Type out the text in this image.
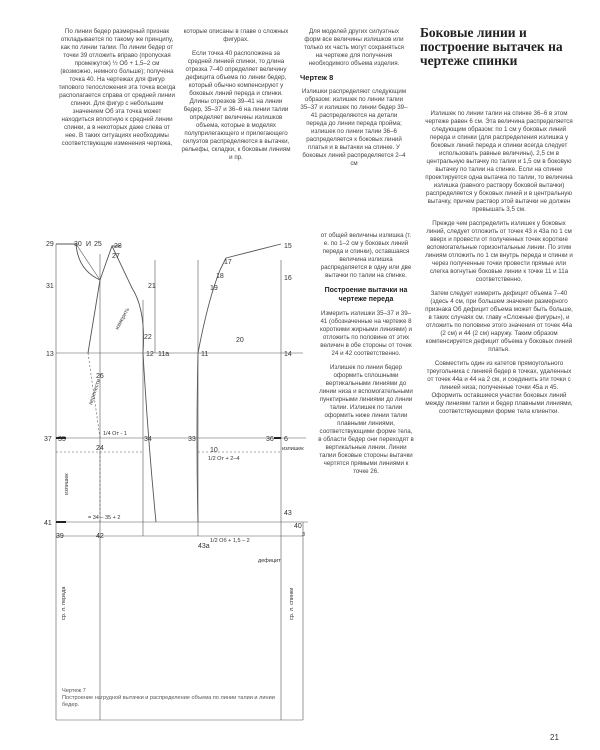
По линии бедер размерный признак откладывается по такому же принципу, как по линии талии. По линии бедер от точки 39 отложить вправо (пропуская промежуток) ½ Об + 1,5–2 см (возможно, немного больше); получена точка 40. На чертежах для фигур типового телосложения эта точка всегда располагается справа от средней линии спинки. Для фигур с небольшим значением Об эта точка может находиться вплотную к средней линии спинки, а в некоторых даже слева от нее. В таких ситуациях необходимы соответствующие изменения чертежа,

которые описаны в главе о сложных фигурах.

Если точка 40 расположена за средней линией спинки, то длина отрезка 7–40 определяет величину дефицита объема по линии бедер, который обычно компенсируют у боковых линий переда и спинки. Длины отрезков 39–41 на линии бедер, 35–37 и 36–6 на линии талии определяет величины излишков объема, которые в моделях полуприлегающего и прилегающего силуэтов распределяются в вытачки, рельефы, складки, к боковым линиям и пр.

Для моделей других силуэтных форм все величины излишков или только их часть могут сохраняться на чертеже для получения необходимого объема изделия.

Чертеж 8

Излишки распределяют следующим образом: излишек по линии талии 35–37 и излишек по линии бедер 39–41 распределяются на детали переда до линии переда пройма; излишек по линии талии 36–6 распределяется к боковых линий платья и в вытачки на спинке. У боковых линий распределяется 2–4 см

от общей величины излишка (т. е. по 1–2 см у боковых линий переда и спинки), оставшаяся величина излишка распределяется в одну или две вытачки по талии на спинке.

Построение вытачки на чертеже переда

Измерить излишки 35–37 и 39–41 (обозначенные на чертеже 8 короткими жирными линиями) и отложить по половине от этих величин в обе стороны от точек 24 и 42 соответственно.

Излишек по линии бедер оформить сплошными вертикальными линиями до линии низа и вспомогательными пунктирными линиями до линии талии. Излишек по талии оформить ниже линии талии плавными линиями, соответствующими форме тела, в области бедер они переходят в вертикальные линии. Линии талии боковые стороны вытачки чертятся прямыми линиями к точке 26.

Боковые линии и построение вытачек на чертеже спинки

Излишек по линии талии на спинке 36–6 в этом чертеже равен 6 см. Эта величина распределяется следующим образом: по 1 см у боковых линий переда и спинки (для распределения излишка у боковых линий переда и спинки всегда следует использовать равные величины), 2,5 см в центральную вытачку по талии и 1,5 см в боковую вытачку по талии на спинке. Если на спинке проектируется одна вытачка по талии, то величина излишка (равного раствору боковой вытачки) распределяется у боковых линий и в центральную вытачку, причем раствор этой вытачки не должен превышать 3,5 см.

Прежде чем распределить излишек у боковых линий, следует отложить от точек 43 и 43а по 1 см вверх и провести от полученных точек короткие вспомогательные горизонтальные линии. По этим линиям отложить по 1 см внутрь переда и спинки и через полученные точки провести прямые или слегка вогнутые боковые линии к точке 11 и 11а соответственно.

Затем следует измерить дефицит объема 7–40 (здесь 4 см, при большем значении размерного признака Об дефицит объема может быть больше, в таких случаях см. главу «Сложные фигуры»), и отложить по половине этого значения от точек 44а (2 см) и 44 (2 см) наружу. Таким образом компенсируется дефицит объема у боковых линий платья.

Совместить один из катетов прямоугольного треугольника с линией бедер в точках, удаленных от точек 44а и 44 на 2 см, и соединить эти точки с линией низа; полученные точки 45а и 45. Оформить оставшиеся участки боковых линий между линиями талии и бедер плавными линиями, соответствующими форме тела клиентки.

29	30 И 25 28
31
27
21
22
13
26
12 11а	11
17
15
19
16
20
18
14
37 35
24
34	33	36
10
6
41
39	42
40
43а
43
перенести
измерить
1/4 От - 1
1/2 От + 2–4
излишек
излишек
= 34 – 35 + 2
1/2 Об + 1,5 – 2
дефицит
ср. л. переда	ср. л. спинки
3
Чертеж 7
Построение нагрудной вытачки и распределение объема по линии талии и линии бедер.
21
